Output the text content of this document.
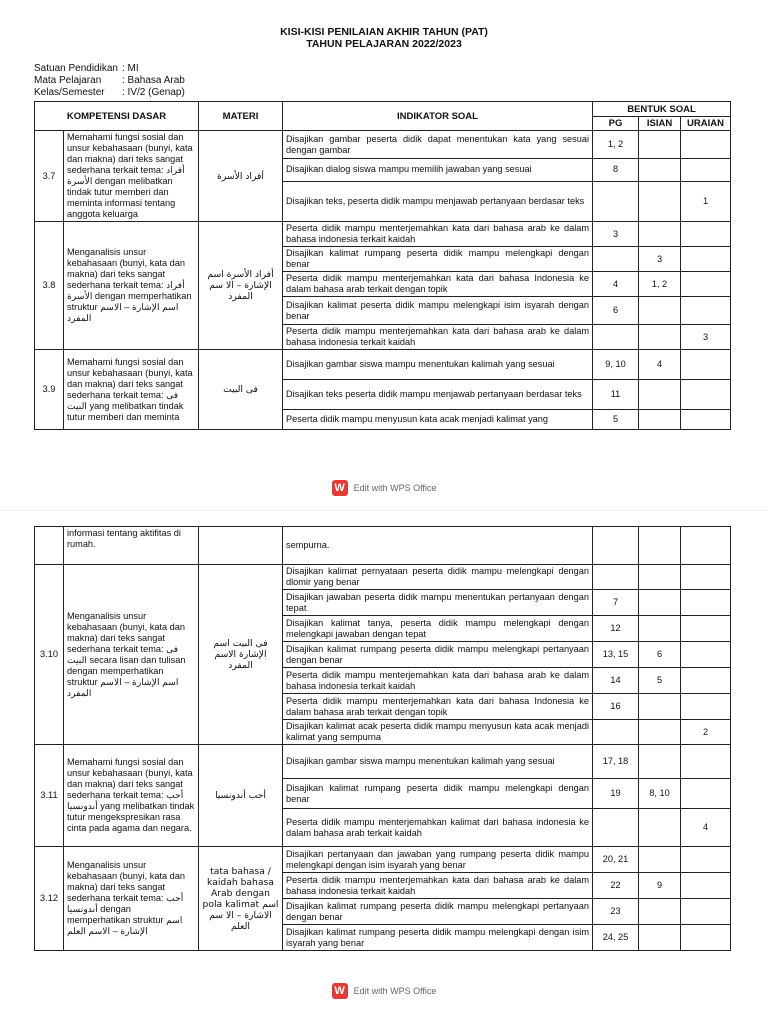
KISI-KISI PENILAIAN AKHIR TAHUN (PAT)
TAHUN PELAJARAN 2022/2023
Satuan Pendidikan : MI
Mata Pelajaran : Bahasa Arab
Kelas/Semester : IV/2 (Genap)
KOMPETENSI DASAR		MATERI	INDIKATOR SOAL	BENTUK SOAL		
				PG	ISIAN	URAIAN
3.7	Memahami fungsi sosial dan unsur kebahasaan (bunyi, kata dan makna) dari teks sangat sederhana terkait tema: أفراد الأسرة dengan melibatkan tindak tutur memberi dan meminta informasi tentang anggota keluarga	أفراد الأسرة	Disajikan gambar peserta didik dapat menentukan kata yang sesuai dengan gambar	1, 2		
			Disajikan dialog siswa mampu memilih jawaban yang sesuai	8		
			Disajikan teks, peserta didik mampu menjawab pertanyaan berdasar teks			1
3.8	Menganalisis unsur kebahasaan (bunyi, kata dan makna) dari teks sangat sederhana terkait tema: أفراد الأسرة dengan memperhatikan struktur اسم الإشارة – الاسم المفرد	أفراد الأسرة اسم الإشارة – الا سم المفرد	Peserta didik mampu menterjemahkan kata dari bahasa arab ke dalam bahasa indonesia terkait kaidah	3		
			Disajikan kalimat rumpang peserta didik mampu melengkapi dengan benar		3	
			Peserta didik mampu menterjemahkan kata dari bahasa Indonesia ke dalam bahasa arab terkait dengan topik	4	1, 2	
			Disajikan kalimat peserta didik mampu melengkapi isim isyarah dengan benar	6		
			Peserta didik mampu menterjemahkan kata dari bahasa arab ke dalam bahasa indonesia terkait kaidah			3
3.9	Memahami fungsi sosial dan unsur kebahasaan (bunyi, kata dan makna) dari teks sangat sederhana terkait tema: فى البيت yang melibatkan tindak tutur memberi dan meminta	فى البيت	Disajikan gambar siswa mampu menentukan kalimah yang sesuai	9, 10	4	
			Disajikan teks peserta didik mampu menjawab pertanyaan berdasar teks	11		
			Peserta didik mampu menyusun kata acak menjadi kalimat yang	5		
W Edit with WPS Office
	informasi tentang aktifitas di rumah.		sempurna.			
3.10	Menganalisis unsur kebahasaan (bunyi, kata dan makna) dari teks sangat sederhana terkait tema: فى البيت secara lisan dan tulisan dengan memperhatikan struktur اسم الإشارة – الاسم المفرد	فى البيت اسم الإشارة الاسم المفرد	Disajikan kalimat pernyataan peserta didik mampu melengkapi dengan dlomir yang benar			
			Disajikan jawaban peserta didik mampu menentukan pertanyaan dengan tepat	7		
			Disajikan kalimat tanya, peserta didik mampu melengkapi dengan melengkapi jawaban dengan tepat	12		
			Disajikan kalimat rumpang peserta didik mampu melengkapi pertanyaan dengan benar	13, 15	6	
			Peserta didik mampu menterjemahkan kata dari bahasa arab ke dalam bahasa indonesia terkait kaidah	14	5	
			Peserta didik mampu menterjemahkan kata dari bahasa Indonesia ke dalam bahasa arab terkait dengan topik	16		
			Disajikan kalimat acak peserta didik mampu menyusun kata acak menjadi kalimat yang sempurna			2
3.11	Memahami fungsi sosial dan unsur kebahasaan (bunyi, kata dan makna) dari teks sangat sederhana terkait tema: أحب أندونسيا yang melibatkan tindak tutur mengekspresikan rasa cinta pada agama dan negara.	أحب أندونسيا	Disajikan gambar siswa mampu menentukan kalimah yang sesuai	17, 18		
			Disajikan kalimat rumpang peserta didik mampu melengkapi dengan benar	19	8, 10	
			Peserta didik mampu menterjemahkan kalimat dari bahasa indonesia ke dalam bahasa arab terkait kaidah			4
3.12	Menganalisis unsur kebahasaan (bunyi, kata dan makna) dari teks sangat sederhana terkait tema: أحب أندونسيا dengan memperhatikan struktur اسم الإشارة – الاسم العلم	tata bahasa / kaidah bahasa Arab dengan pola kalimat اسم الاشارة – الا سم العلم	Disajikan pertanyaan dan jawaban yang rumpang peserta didik mampu melengkapi dengan isim isyarah yang benar	20, 21		
			Peserta didik mampu menterjemahkan kata dari bahasa arab ke dalam bahasa indonesia terkait kaidah	22	9	
			Disajikan kalimat rumpang peserta didik mampu melengkapi pertanyaan dengan benar	23		
			Disajikan kalimat rumpang peserta didik mampu melengkapi dengan isim isyarah yang benar	24, 25		
W Edit with WPS Office
